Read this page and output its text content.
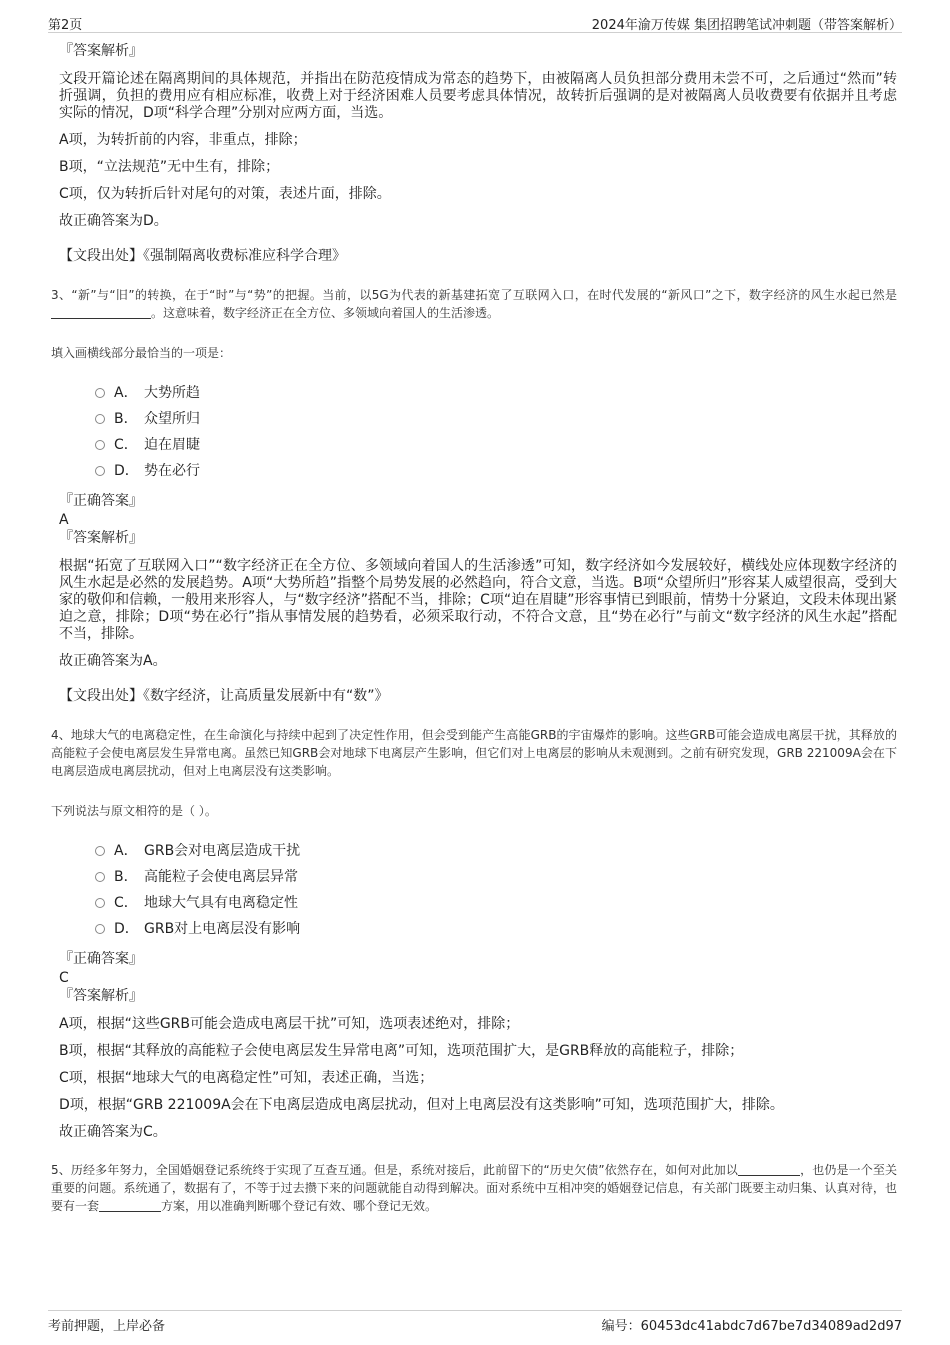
第2页	2024年渝万传媒 集团招聘笔试冲刺题（带答案解析）
『答案解析』
文段开篇论述在隔离期间的具体规范，并指出在防范疫情成为常态的趋势下，由被隔离人员负担部分费用未尝不可，之后通过“然而”转折强调，负担的费用应有相应标准，收费上对于经济困难人员要考虑具体情况，故转折后强调的是对被隔离人员收费要有依据并且考虑实际的情况，D项“科学合理”分别对应两方面，当选。
A项，为转折前的内容，非重点，排除；
B项，“立法规范”无中生有，排除；
C项，仅为转折后针对尾句的对策，表述片面，排除。
故正确答案为D。
【文段出处】《强制隔离收费标准应科学合理》
3、“新”与“旧”的转换，在于“时”与“势”的把握。当前，以5G为代表的新基建拓宽了互联网入口，在时代发展的“新风口”之下，数字经济的风生水起已然是。这意味着，数字经济正在全方位、多领域向着国人的生活渗透。
填入画横线部分最恰当的一项是：
A． 大势所趋
B． 众望所归
C． 迫在眉睫
D． 势在必行
『正确答案』
A
『答案解析』
根据“拓宽了互联网入口”“数字经济正在全方位、多领域向着国人的生活渗透”可知，数字经济如今发展较好，横线处应体现数字经济的风生水起是必然的发展趋势。A项“大势所趋”指整个局势发展的必然趋向，符合文意，当选。B项“众望所归”形容某人威望很高，受到大家的敬仰和信赖，一般用来形容人，与“数字经济”搭配不当，排除；C项“迫在眉睫”形容事情已到眼前，情势十分紧迫，文段未体现出紧迫之意，排除；D项“势在必行”指从事情发展的趋势看，必须采取行动，不符合文意，且“势在必行”与前文“数字经济的风生水起”搭配不当，排除。
故正确答案为A。
【文段出处】《数字经济，让高质量发展新中有“数”》
4、地球大气的电离稳定性，在生命演化与持续中起到了决定性作用，但会受到能产生高能GRB的宇宙爆炸的影响。这些GRB可能会造成电离层干扰，其释放的高能粒子会使电离层发生异常电离。虽然已知GRB会对地球下电离层产生影响，但它们对上电离层的影响从未观测到。之前有研究发现，GRB 221009A会在下电离层造成电离层扰动，但对上电离层没有这类影响。
下列说法与原文相符的是（ ）。
A． GRB会对电离层造成干扰
B． 高能粒子会使电离层异常
C． 地球大气具有电离稳定性
D． GRB对上电离层没有影响
『正确答案』
C
『答案解析』
A项，根据“这些GRB可能会造成电离层干扰”可知，选项表述绝对，排除；
B项，根据“其释放的高能粒子会使电离层发生异常电离”可知，选项范围扩大，是GRB释放的高能粒子，排除；
C项，根据“地球大气的电离稳定性”可知，表述正确，当选；
D项，根据“GRB 221009A会在下电离层造成电离层扰动，但对上电离层没有这类影响”可知，选项范围扩大，排除。
故正确答案为C。
5、历经多年努力，全国婚姻登记系统终于实现了互查互通。但是，系统对接后，此前留下的“历史欠债”依然存在，如何对此加以	，也仍是一个至关重要的问题。系统通了，数据有了，不等于过去攒下来的问题就能自动得到解决。面对系统中互相冲突的婚姻登记信息，有关部门既要主动归集、认真对待，也要有一套	方案，用以准确判断哪个登记有效、哪个登记无效。
考前押题，上岸必备	编号：60453dc41abdc7d67be7d34089ad2d97
